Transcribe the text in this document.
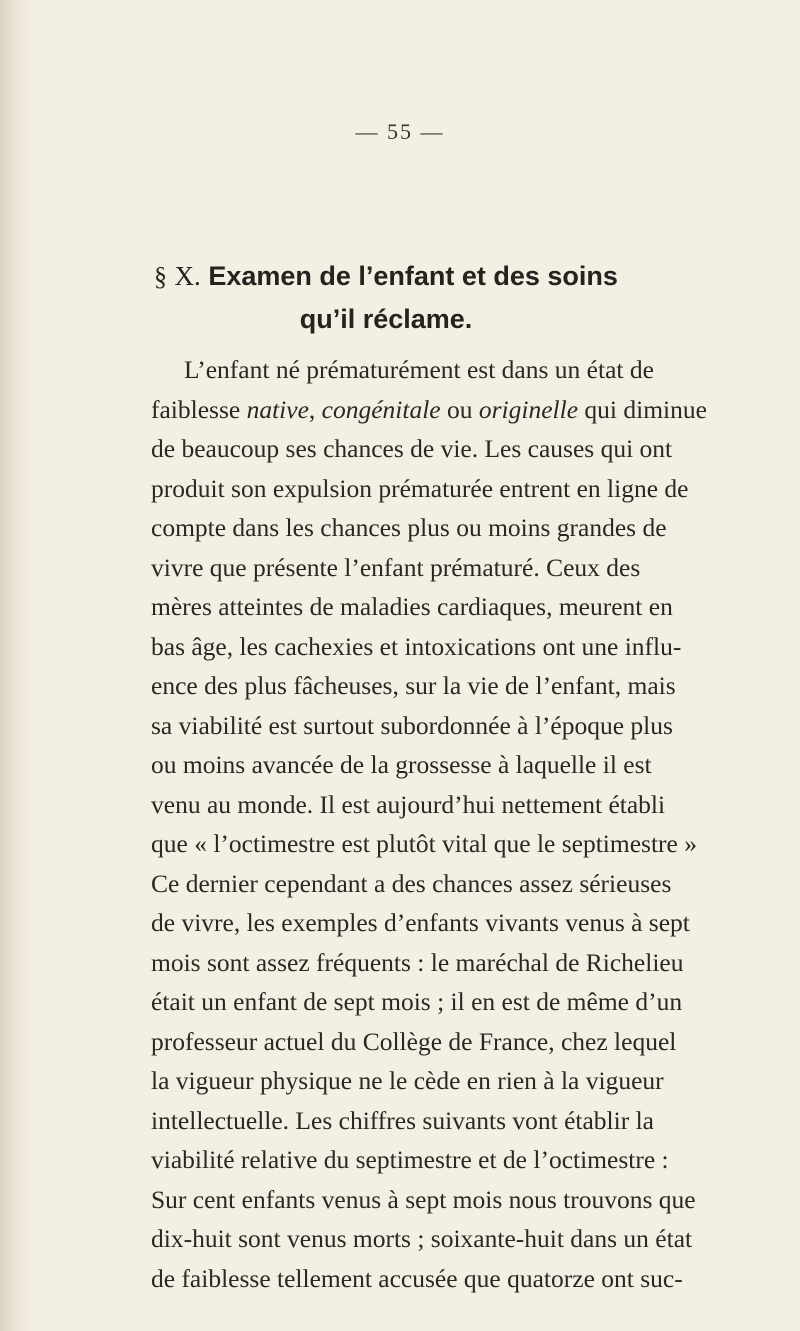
— 55 —
§ X. Examen de l’enfant et des soins
qu’il réclame.
L’enfant né prématurément est dans un état de
faiblesse native, congénitale ou originelle qui diminue
de beaucoup ses chances de vie. Les causes qui ont
produit son expulsion prématurée entrent en ligne de
compte dans les chances plus ou moins grandes de
vivre que présente l’enfant prématuré. Ceux des
mères atteintes de maladies cardiaques, meurent en
bas âge, les cachexies et intoxications ont une influ-
ence des plus fâcheuses, sur la vie de l’enfant, mais
sa viabilité est surtout subordonnée à l’époque plus
ou moins avancée de la grossesse à laquelle il est
venu au monde. Il est aujourd’hui nettement établi
que « l’octimestre est plutôt vital que le septimestre »
Ce dernier cependant a des chances assez sérieuses
de vivre, les exemples d’enfants vivants venus à sept
mois sont assez fréquents : le maréchal de Richelieu
était un enfant de sept mois ; il en est de même d’un
professeur actuel du Collège de France, chez lequel
la vigueur physique ne le cède en rien à la vigueur
intellectuelle. Les chiffres suivants vont établir la
viabilité relative du septimestre et de l’octimestre :
Sur cent enfants venus à sept mois nous trouvons que
dix-huit sont venus morts ; soixante-huit dans un état
de faiblesse tellement accusée que quatorze ont suc-
